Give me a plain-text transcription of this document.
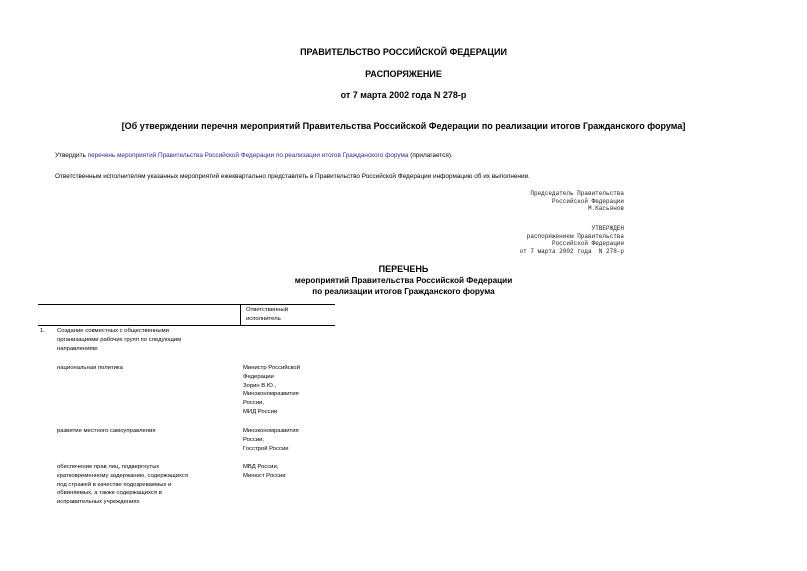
ПРАВИТЕЛЬСТВО РОССИЙСКОЙ ФЕДЕРАЦИИ
РАСПОРЯЖЕНИЕ
от 7 марта 2002 года N 278-р
[Об утверждении перечня мероприятий Правительства Российской Федерации по реализации итогов Гражданского форума]
Утвердить перечень мероприятий Правительства Российской Федерации по реализации итогов Гражданского форума (прилагается).
Ответственным исполнителям указанных мероприятий ежеквартально представлять в Правительство Российской Федерации информацию об их выполнении.
Председатель Правительства
Российской Федерации
М.Касьянов
УТВЕРЖДЕН
распоряжением Правительства
Российской Федерации
от 7 марта 2002 года  N 278-р
ПЕРЕЧЕНЬ
мероприятий Правительства Российской Федерации
по реализации итогов Гражданского форума
Ответственный
исполнитель
1. Создание совместных с общественными
организациями рабочих групп по следующим
направлениям:
национальная политика	Министр Российской
Федерации
Зорин В.Ю.,
Минэкономразвития
России,
МИД России
развитие местного самоуправления	Минэкономразвития
России,
Госстрой России
обеспечение прав лиц, подвергнутых
кратковременному задержанию, содержащихся
под стражей в качестве подозреваемых и
обвиняемых, а также содержащихся в
исправительных учреждениях
МВД России,
Минюст России
